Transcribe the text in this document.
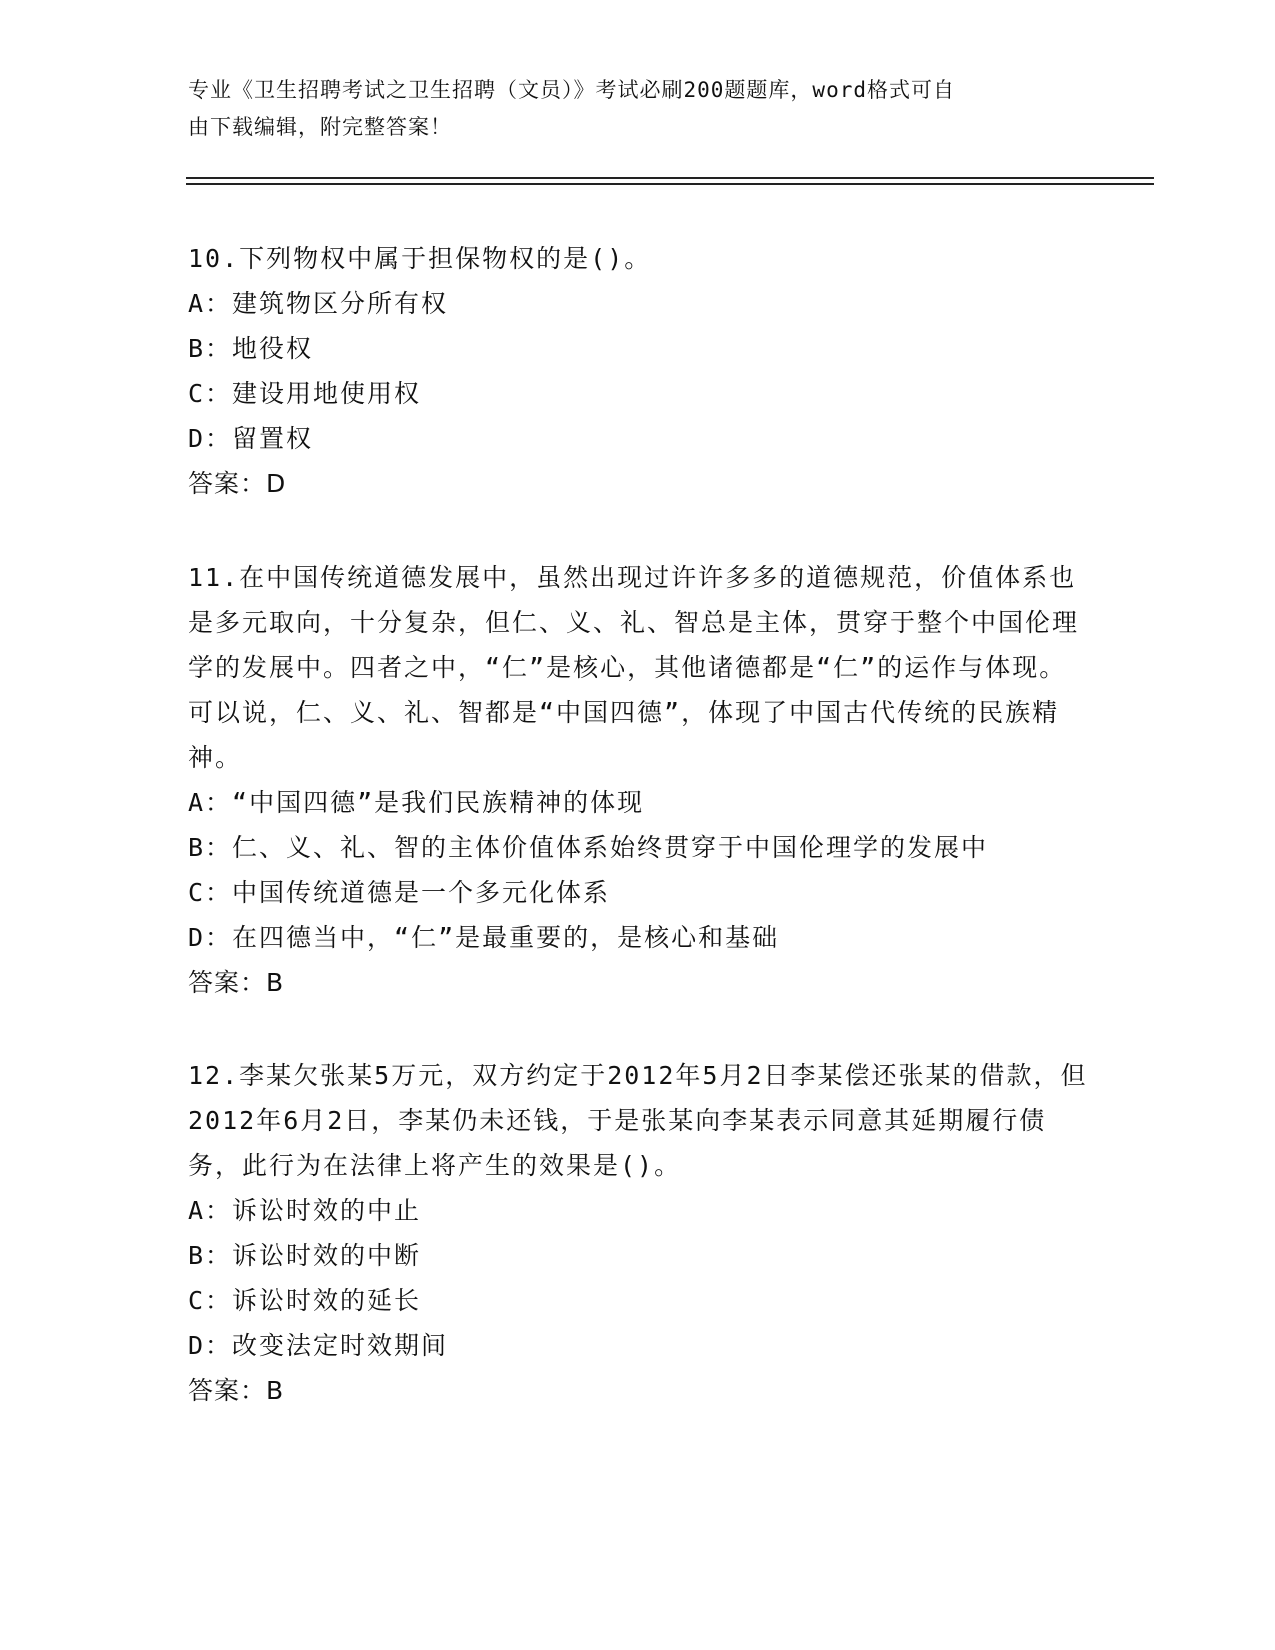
专业《卫生招聘考试之卫生招聘（文员）》考试必刷200题题库，word格式可自
由下载编辑，附完整答案！

10.下列物权中属于担保物权的是()。

A：建筑物区分所有权

B：地役权

C：建设用地使用权

D：留置权

答案：D

11.在中国传统道德发展中，虽然出现过许许多多的道德规范，价值体系也是多元取向，十分复杂，但仁、义、礼、智总是主体，贯穿于整个中国伦理学的发展中。四者之中，“仁”是核心，其他诸德都是“仁”的运作与体现。可以说，仁、义、礼、智都是“中国四德”，体现了中国古代传统的民族精神。

A：“中国四德”是我们民族精神的体现

B：仁、义、礼、智的主体价值体系始终贯穿于中国伦理学的发展中

C：中国传统道德是一个多元化体系

D：在四德当中，“仁”是最重要的，是核心和基础

答案：B

12.李某欠张某5万元，双方约定于2012年5月2日李某偿还张某的借款，但2012年6月2日，李某仍未还钱，于是张某向李某表示同意其延期履行债务，此行为在法律上将产生的效果是()。

A：诉讼时效的中止

B：诉讼时效的中断

C：诉讼时效的延长

D：改变法定时效期间

答案：B
